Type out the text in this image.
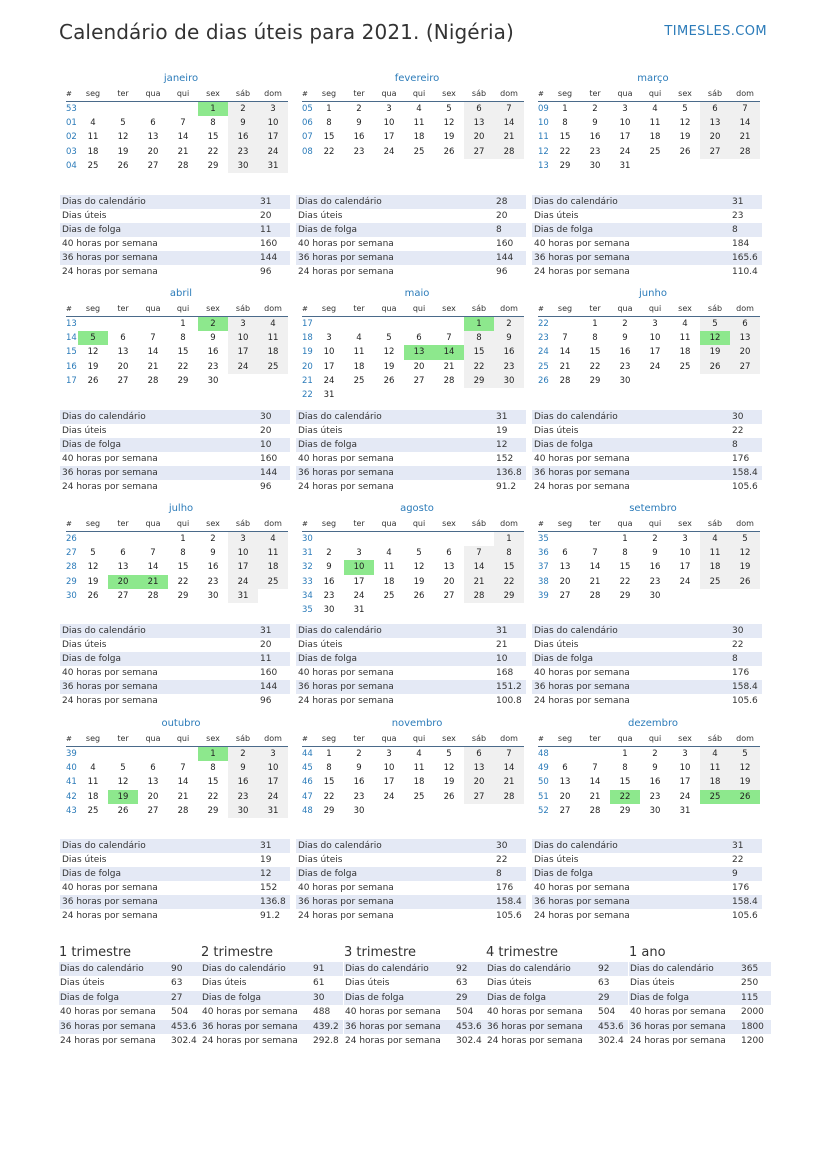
Calendário de dias úteis para 2021. (Nigéria)	TIMESLES.COM
janeiro
#	seg	ter	qua	qui	sex	sáb	dom
53					1	2	3
01	4	5	6	7	8	9	10
02	11	12	13	14	15	16	17
03	18	19	20	21	22	23	24
04	25	26	27	28	29	30	31
Dias do calendário	31
Dias úteis	20
Dias de folga	11
40 horas por semana	160
36 horas por semana	144
24 horas por semana	96
fevereiro
#	seg	ter	qua	qui	sex	sáb	dom
05	1	2	3	4	5	6	7
06	8	9	10	11	12	13	14
07	15	16	17	18	19	20	21
08	22	23	24	25	26	27	28
Dias do calendário	28
Dias úteis	20
Dias de folga	8
40 horas por semana	160
36 horas por semana	144
24 horas por semana	96
março
#	seg	ter	qua	qui	sex	sáb	dom
09	1	2	3	4	5	6	7
10	8	9	10	11	12	13	14
11	15	16	17	18	19	20	21
12	22	23	24	25	26	27	28
13	29	30	31				
Dias do calendário	31
Dias úteis	23
Dias de folga	8
40 horas por semana	184
36 horas por semana	165.6
24 horas por semana	110.4
abril
#	seg	ter	qua	qui	sex	sáb	dom
13				1	2	3	4
14	5	6	7	8	9	10	11
15	12	13	14	15	16	17	18
16	19	20	21	22	23	24	25
17	26	27	28	29	30		
Dias do calendário	30
Dias úteis	20
Dias de folga	10
40 horas por semana	160
36 horas por semana	144
24 horas por semana	96
maio
#	seg	ter	qua	qui	sex	sáb	dom
17						1	2
18	3	4	5	6	7	8	9
19	10	11	12	13	14	15	16
20	17	18	19	20	21	22	23
21	24	25	26	27	28	29	30
22	31						
Dias do calendário	31
Dias úteis	19
Dias de folga	12
40 horas por semana	152
36 horas por semana	136.8
24 horas por semana	91.2
junho
#	seg	ter	qua	qui	sex	sáb	dom
22		1	2	3	4	5	6
23	7	8	9	10	11	12	13
24	14	15	16	17	18	19	20
25	21	22	23	24	25	26	27
26	28	29	30				
Dias do calendário	30
Dias úteis	22
Dias de folga	8
40 horas por semana	176
36 horas por semana	158.4
24 horas por semana	105.6
julho
#	seg	ter	qua	qui	sex	sáb	dom
26				1	2	3	4
27	5	6	7	8	9	10	11
28	12	13	14	15	16	17	18
29	19	20	21	22	23	24	25
30	26	27	28	29	30	31	
Dias do calendário	31
Dias úteis	20
Dias de folga	11
40 horas por semana	160
36 horas por semana	144
24 horas por semana	96
agosto
#	seg	ter	qua	qui	sex	sáb	dom
30							1
31	2	3	4	5	6	7	8
32	9	10	11	12	13	14	15
33	16	17	18	19	20	21	22
34	23	24	25	26	27	28	29
35	30	31					
Dias do calendário	31
Dias úteis	21
Dias de folga	10
40 horas por semana	168
36 horas por semana	151.2
24 horas por semana	100.8
setembro
#	seg	ter	qua	qui	sex	sáb	dom
35			1	2	3	4	5
36	6	7	8	9	10	11	12
37	13	14	15	16	17	18	19
38	20	21	22	23	24	25	26
39	27	28	29	30			
Dias do calendário	30
Dias úteis	22
Dias de folga	8
40 horas por semana	176
36 horas por semana	158.4
24 horas por semana	105.6
outubro
#	seg	ter	qua	qui	sex	sáb	dom
39					1	2	3
40	4	5	6	7	8	9	10
41	11	12	13	14	15	16	17
42	18	19	20	21	22	23	24
43	25	26	27	28	29	30	31
Dias do calendário	31
Dias úteis	19
Dias de folga	12
40 horas por semana	152
36 horas por semana	136.8
24 horas por semana	91.2
novembro
#	seg	ter	qua	qui	sex	sáb	dom
44	1	2	3	4	5	6	7
45	8	9	10	11	12	13	14
46	15	16	17	18	19	20	21
47	22	23	24	25	26	27	28
48	29	30					
Dias do calendário	30
Dias úteis	22
Dias de folga	8
40 horas por semana	176
36 horas por semana	158.4
24 horas por semana	105.6
dezembro
#	seg	ter	qua	qui	sex	sáb	dom
48			1	2	3	4	5
49	6	7	8	9	10	11	12
50	13	14	15	16	17	18	19
51	20	21	22	23	24	25	26
52	27	28	29	30	31		
Dias do calendário	31
Dias úteis	22
Dias de folga	9
40 horas por semana	176
36 horas por semana	158.4
24 horas por semana	105.6
1 trimestre
Dias do calendário	90
Dias úteis	63
Dias de folga	27
40 horas por semana 504
36 horas por semana 453.6
24 horas por semana 302.4
2 trimestre
Dias do calendário	91
Dias úteis	61
Dias de folga	30
40 horas por semana 488
36 horas por semana 439.2
24 horas por semana 292.8
3 trimestre
Dias do calendário	92
Dias úteis	63
Dias de folga	29
40 horas por semana 504
36 horas por semana 453.6
24 horas por semana 302.4
4 trimestre
Dias do calendário	92
Dias úteis	63
Dias de folga	29
40 horas por semana 504
36 horas por semana 453.6
24 horas por semana 302.4
1 ano
Dias do calendário	365
Dias úteis	250
Dias de folga	115
40 horas por semana 2000
36 horas por semana 1800
24 horas por semana 1200
